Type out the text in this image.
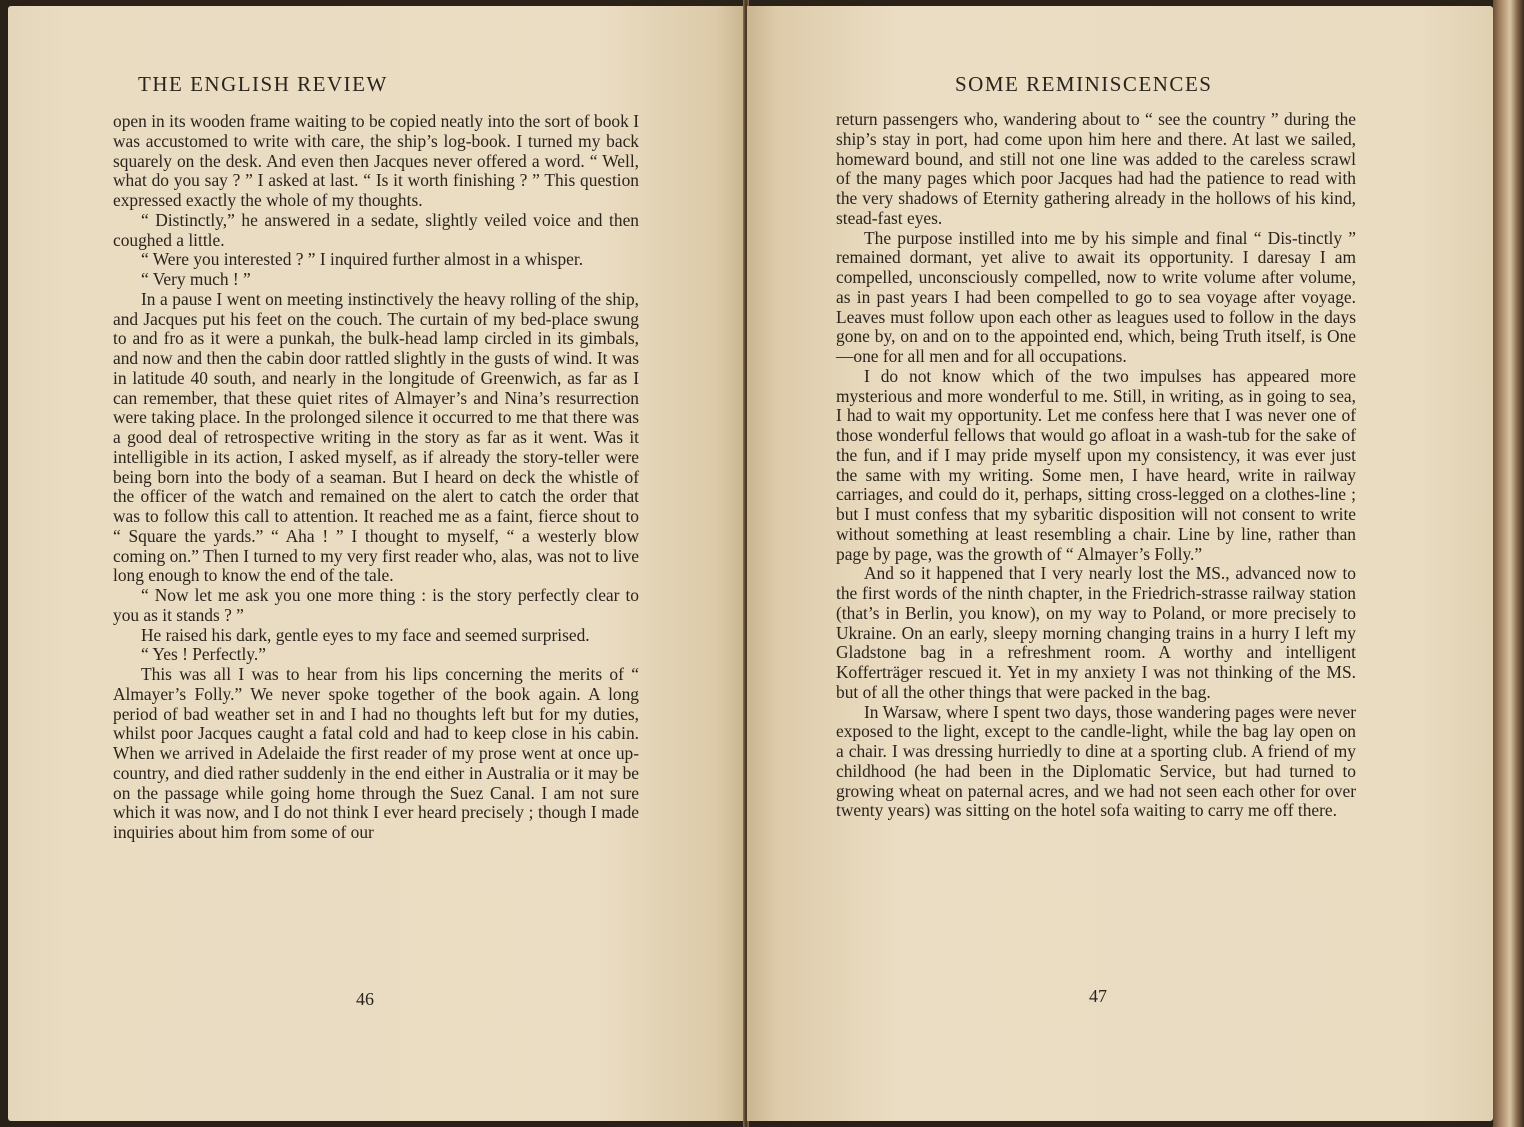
THE ENGLISH REVIEW

open in its wooden frame waiting to be copied neatly into the sort of book I was accustomed to write with care, the ship’s log-book. I turned my back squarely on the desk. And even then Jacques never offered a word. “ Well, what do you say ? ” I asked at last. “ Is it worth finishing ? ” This question expressed exactly the whole of my thoughts.

“ Distinctly,” he answered in a sedate, slightly veiled voice and then coughed a little.

“ Were you interested ? ” I inquired further almost in a whisper.

“ Very much ! ”

In a pause I went on meeting instinctively the heavy rolling of the ship, and Jacques put his feet on the couch. The curtain of my bed-place swung to and fro as it were a punkah, the bulk-head lamp circled in its gimbals, and now and then the cabin door rattled slightly in the gusts of wind. It was in latitude 40 south, and nearly in the longitude of Greenwich, as far as I can remember, that these quiet rites of Almayer’s and Nina’s resurrection were taking place. In the prolonged silence it occurred to me that there was a good deal of retrospective writing in the story as far as it went. Was it intelligible in its action, I asked myself, as if already the story-teller were being born into the body of a seaman. But I heard on deck the whistle of the officer of the watch and remained on the alert to catch the order that was to follow this call to attention. It reached me as a faint, fierce shout to “ Square the yards.” “ Aha ! ” I thought to myself, “ a westerly blow coming on.” Then I turned to my very first reader who, alas, was not to live long enough to know the end of the tale.

“ Now let me ask you one more thing : is the story perfectly clear to you as it stands ? ”

He raised his dark, gentle eyes to my face and seemed surprised.

“ Yes ! Perfectly.”

This was all I was to hear from his lips concerning the merits of “ Almayer’s Folly.” We never spoke together of the book again. A long period of bad weather set in and I had no thoughts left but for my duties, whilst poor Jacques caught a fatal cold and had to keep close in his cabin. When we arrived in Adelaide the first reader of my prose went at once up-country, and died rather suddenly in the end either in Australia or it may be on the passage while going home through the Suez Canal. I am not sure which it was now, and I do not think I ever heard precisely ; though I made inquiries about him from some of our

46
SOME REMINISCENCES

return passengers who, wandering about to “ see the country ” during the ship’s stay in port, had come upon him here and there. At last we sailed, homeward bound, and still not one line was added to the careless scrawl of the many pages which poor Jacques had had the patience to read with the very shadows of Eternity gathering already in the hollows of his kind, stead-fast eyes.

The purpose instilled into me by his simple and final “ Dis-tinctly ” remained dormant, yet alive to await its opportunity. I daresay I am compelled, unconsciously compelled, now to write volume after volume, as in past years I had been compelled to go to sea voyage after voyage. Leaves must follow upon each other as leagues used to follow in the days gone by, on and on to the appointed end, which, being Truth itself, is One—one for all men and for all occupations.

I do not know which of the two impulses has appeared more mysterious and more wonderful to me. Still, in writing, as in going to sea, I had to wait my opportunity. Let me confess here that I was never one of those wonderful fellows that would go afloat in a wash-tub for the sake of the fun, and if I may pride myself upon my consistency, it was ever just the same with my writing. Some men, I have heard, write in railway carriages, and could do it, perhaps, sitting cross-legged on a clothes-line ; but I must confess that my sybaritic disposition will not consent to write without something at least resembling a chair. Line by line, rather than page by page, was the growth of “ Almayer’s Folly.”

And so it happened that I very nearly lost the MS., advanced now to the first words of the ninth chapter, in the Friedrich-strasse railway station (that’s in Berlin, you know), on my way to Poland, or more precisely to Ukraine. On an early, sleepy morning changing trains in a hurry I left my Gladstone bag in a refreshment room. A worthy and intelligent Kofferträger rescued it. Yet in my anxiety I was not thinking of the MS. but of all the other things that were packed in the bag.

In Warsaw, where I spent two days, those wandering pages were never exposed to the light, except to the candle-light, while the bag lay open on a chair. I was dressing hurriedly to dine at a sporting club. A friend of my childhood (he had been in the Diplomatic Service, but had turned to growing wheat on paternal acres, and we had not seen each other for over twenty years) was sitting on the hotel sofa waiting to carry me off there.

47
